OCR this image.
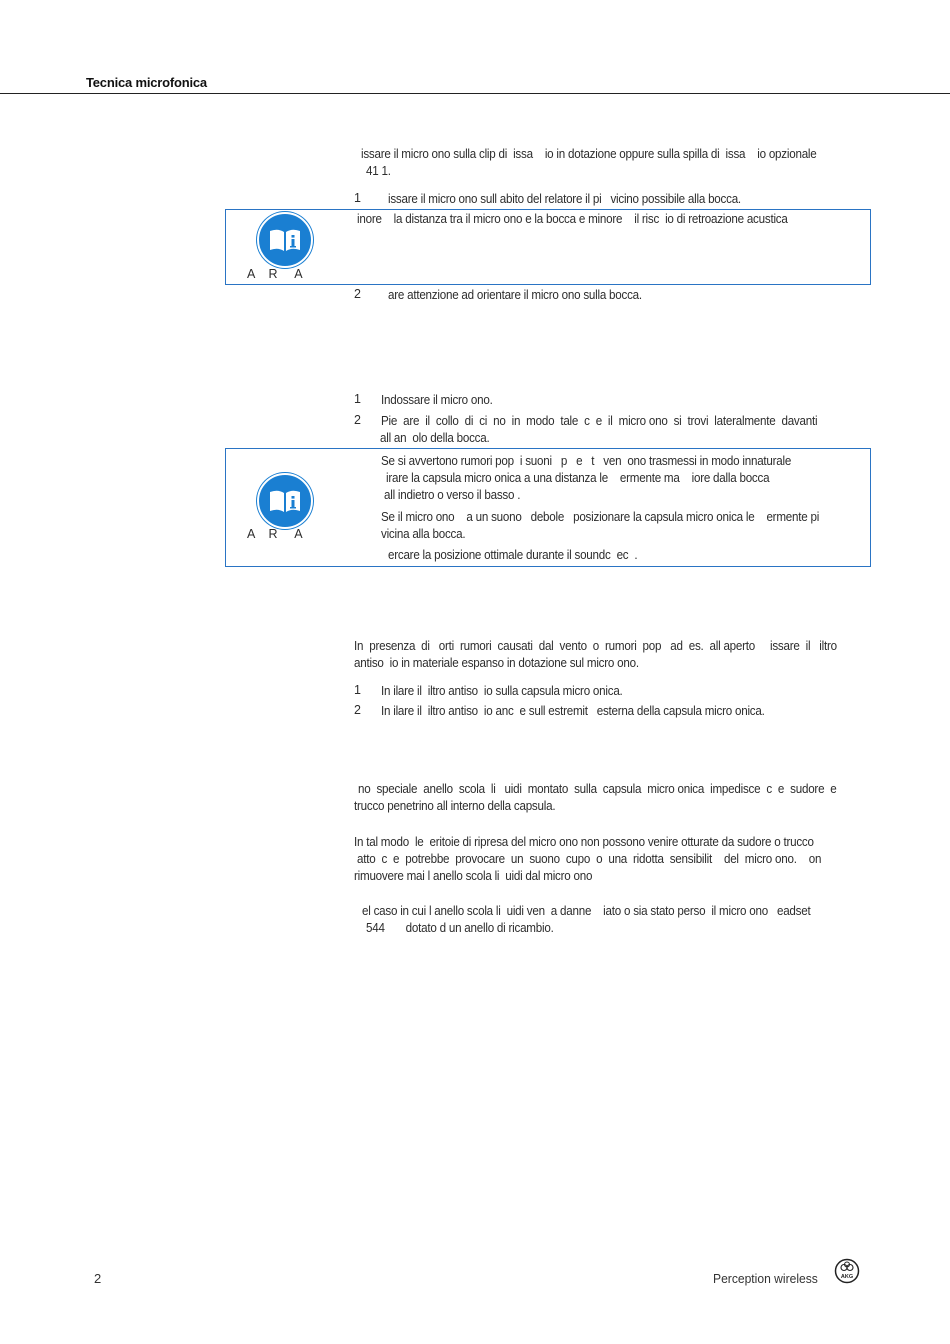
Tecnica microfonica
issare il micro ono sulla clip di  issa    io in dotazione oppure sulla spilla di  issa    io opzionale
41 1.
1 issare il micro ono sull abito del relatore il pi   vicino possibile alla bocca.
A    R     A
inore    la distanza tra il micro ono e la bocca e minore    il risc  io di retroazione acustica
2 are attenzione ad orientare il micro ono sulla bocca.
1 Indossare il micro ono.
2 Pie  are  il  collo  di  ci  no  in  modo  tale  c  e  il  micro ono  si  trovi  lateralmente  davanti
all an  olo della bocca.
A    R     A
Se si avvertono rumori pop  i suoni   p   e   t   ven  ono trasmessi in modo innaturale
irare la capsula micro onica a una distanza le    ermente ma    iore dalla bocca
all indietro o verso il basso .
Se il micro ono    a un suono   debole   posizionare la capsula micro onica le    ermente pi
vicina alla bocca.
ercare la posizione ottimale durante il soundc  ec  .
In  presenza  di   orti  rumori  causati  dal  vento  o  rumori  pop   ad  es.  all aperto     issare  il   iltro
antiso  io in materiale espanso in dotazione sul micro ono.
1 In ilare il  iltro antiso  io sulla capsula micro onica.
2 In ilare il  iltro antiso  io anc  e sull estremit   esterna della capsula micro onica.
no  speciale  anello  scola  li   uidi  montato  sulla  capsula  micro onica  impedisce  c  e  sudore  e
trucco penetrino all interno della capsula.
In tal modo  le  eritoie di ripresa del micro ono non possono venire otturate da sudore o trucco
atto  c  e  potrebbe  provocare  un  suono  cupo  o  una  ridotta  sensibilit    del  micro ono.    on
rimuovere mai l anello scola li  uidi dal micro ono
el caso in cui l anello scola li  uidi ven  a danne    iato o sia stato perso  il micro ono   eadset
544       dotato d un anello di ricambio.
2	Perception wireless	AKG
